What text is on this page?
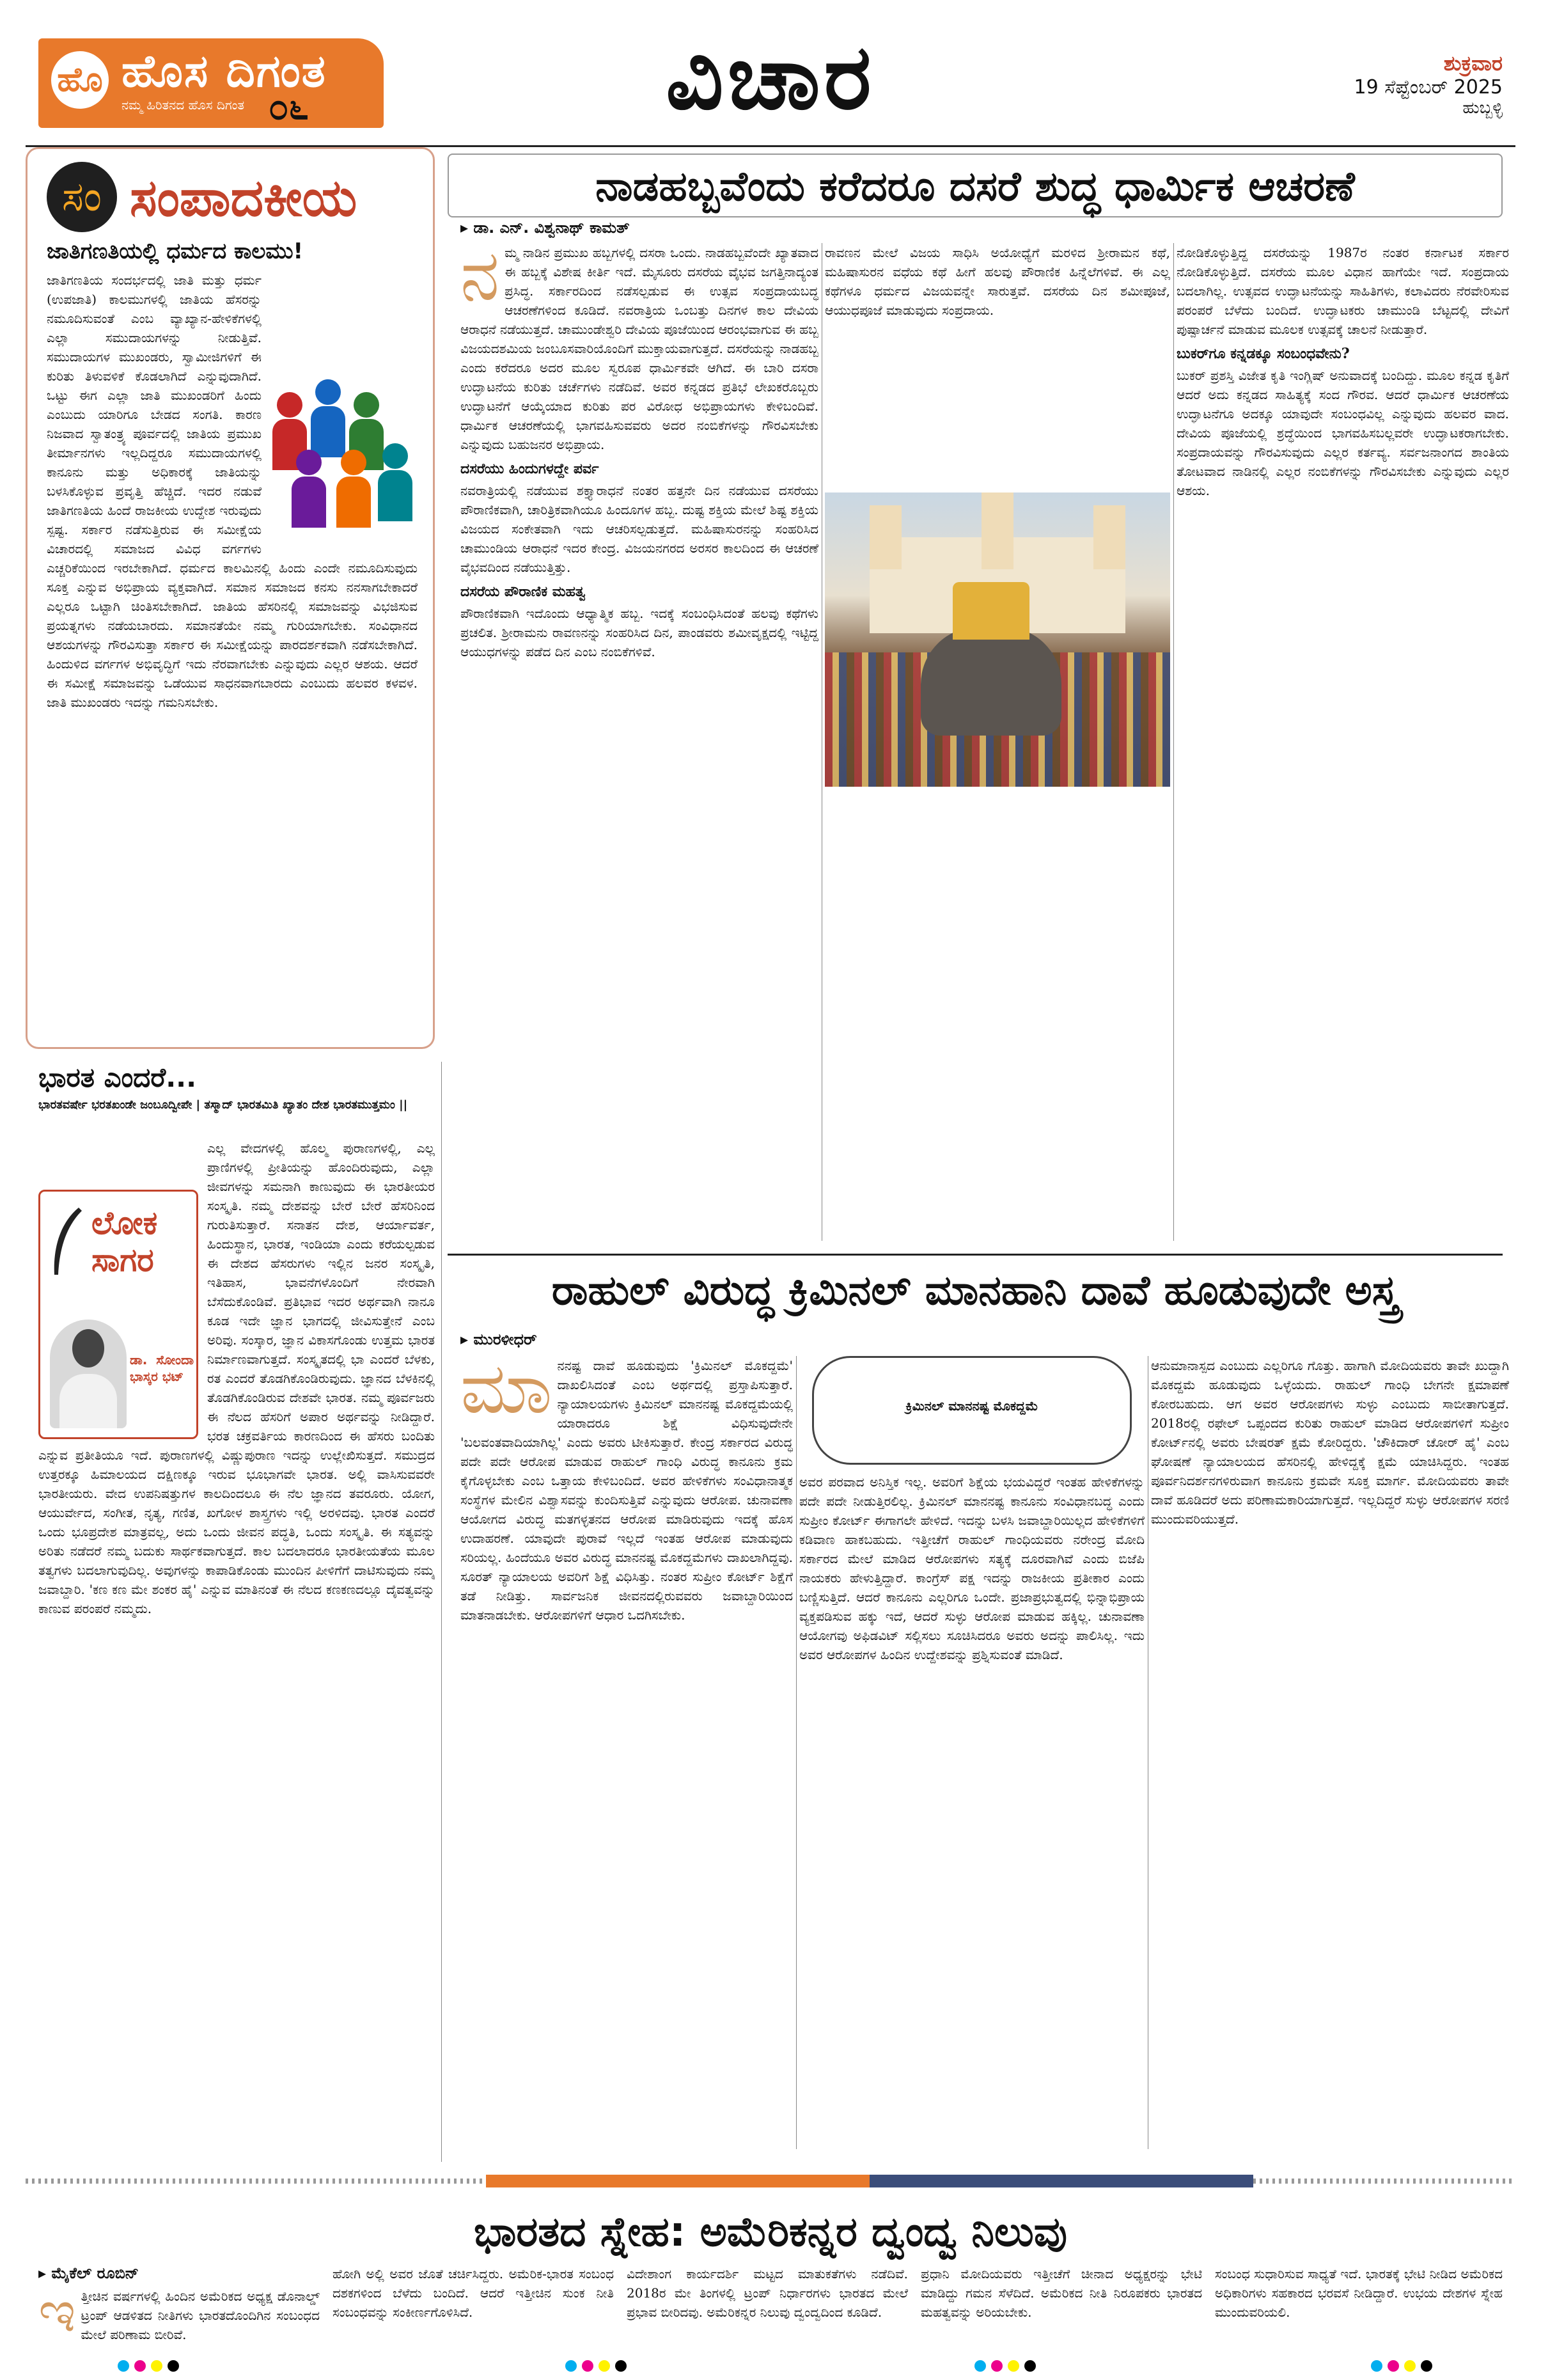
ಹೊ ಹೊಸ ದಿಗಂತ
ನಮ್ಮ ಹಿರಿತನದ ಹೊಸ ದಿಗಂತ ೦೬	ವಿಚಾರ	ಶುಕ್ರವಾರ
19 ಸೆಪ್ಟೆಂಬರ್ 2025
ಹುಬ್ಬಳ್ಳಿ
ಸಂ ಸಂಪಾದಕೀಯ
ಜಾತಿಗಣತಿಯಲ್ಲಿ ಧರ್ಮದ ಕಾಲಮು!
ಜಾತಿಗಣತಿಯ ಸಂದರ್ಭದಲ್ಲಿ ಜಾತಿ ಮತ್ತು ಧರ್ಮ (ಉಪಜಾತಿ) ಕಾಲಮುಗಳಲ್ಲಿ ಜಾತಿಯ ಹೆಸರನ್ನು ನಮೂದಿಸುವಂತೆ ಎಂಬ ವ್ಯಾಖ್ಯಾನ-ಹೇಳಿಕೆಗಳಲ್ಲಿ ಎಲ್ಲಾ ಸಮುದಾಯಗಳನ್ನು ನೀಡುತ್ತಿವೆ. ಸಮುದಾಯಗಳ ಮುಖಂಡರು, ಸ್ವಾಮೀಜಿಗಳಿಗೆ ಈ ಕುರಿತು ತಿಳುವಳಿಕೆ ಕೊಡಲಾಗಿದೆ ಎನ್ನುವುದಾಗಿದೆ. ಒಟ್ಟು ಈಗ ಎಲ್ಲಾ ಜಾತಿ ಮುಖಂಡರಿಗೆ ಹಿಂದು ಎಂಬುದು ಯಾರಿಗೂ ಬೇಡದ ಸಂಗತಿ. ಕಾರಣ ನಿಜವಾದ ಸ್ವಾತಂತ್ರ್ಯ ಪೂರ್ವದಲ್ಲಿ ಜಾತಿಯ ಪ್ರಮುಖ ತೀರ್ಮಾನಗಳು ಇಲ್ಲದಿದ್ದರೂ ಸಮುದಾಯಗಳಲ್ಲಿ ಕಾನೂನು ಮತ್ತು ಅಧಿಕಾರಕ್ಕೆ ಜಾತಿಯನ್ನು ಬಳಸಿಕೊಳ್ಳುವ ಪ್ರವೃತ್ತಿ ಹೆಚ್ಚಿದೆ. ಇದರ ನಡುವೆ ಜಾತಿಗಣತಿಯ ಹಿಂದೆ ರಾಜಕೀಯ ಉದ್ದೇಶ ಇರುವುದು ಸ್ಪಷ್ಟ. ಸರ್ಕಾರ ನಡೆಸುತ್ತಿರುವ ಈ ಸಮೀಕ್ಷೆಯ ವಿಚಾರದಲ್ಲಿ ಸಮಾಜದ ವಿವಿಧ ವರ್ಗಗಳು ಎಚ್ಚರಿಕೆಯಿಂದ ಇರಬೇಕಾಗಿದೆ. ಧರ್ಮದ ಕಾಲಮಿನಲ್ಲಿ ಹಿಂದು ಎಂದೇ ನಮೂದಿಸುವುದು ಸೂಕ್ತ ಎನ್ನುವ ಅಭಿಪ್ರಾಯ ವ್ಯಕ್ತವಾಗಿದೆ. ಸಮಾನ ಸಮಾಜದ ಕನಸು ನನಸಾಗಬೇಕಾದರೆ ಎಲ್ಲರೂ ಒಟ್ಟಾಗಿ ಚಿಂತಿಸಬೇಕಾಗಿದೆ. ಜಾತಿಯ ಹೆಸರಿನಲ್ಲಿ ಸಮಾಜವನ್ನು ವಿಭಜಿಸುವ ಪ್ರಯತ್ನಗಳು ನಡೆಯಬಾರದು. ಸಮಾನತೆಯೇ ನಮ್ಮ ಗುರಿಯಾಗಬೇಕು. ಸಂವಿಧಾನದ ಆಶಯಗಳನ್ನು ಗೌರವಿಸುತ್ತಾ ಸರ್ಕಾರ ಈ ಸಮೀಕ್ಷೆಯನ್ನು ಪಾರದರ್ಶಕವಾಗಿ ನಡೆಸಬೇಕಾಗಿದೆ. ಹಿಂದುಳಿದ ವರ್ಗಗಳ ಅಭಿವೃದ್ಧಿಗೆ ಇದು ನೆರವಾಗಬೇಕು ಎನ್ನುವುದು ಎಲ್ಲರ ಆಶಯ. ಆದರೆ ಈ ಸಮೀಕ್ಷೆ ಸಮಾಜವನ್ನು ಒಡೆಯುವ ಸಾಧನವಾಗಬಾರದು ಎಂಬುದು ಹಲವರ ಕಳವಳ. ಜಾತಿ ಮುಖಂಡರು ಇದನ್ನು ಗಮನಿಸಬೇಕು.
ಭಾರತ ಎಂದರೆ...
ಭಾರತವರ್ಷೇ ಭರತಖಂಡೇ ಜಂಬೂದ್ವೀಪೇ | ತಸ್ಮಾದ್ ಭಾರತಮಿತಿ ಖ್ಯಾತಂ ದೇಶ ಭಾರತಮುತ್ತಮಂ ||
ಲೋಕ
ಸಾಗರ
ಡಾ. ಸೋಂದಾ ಭಾಸ್ಕರ ಭಟ್
ಎಲ್ಲ ವೇದಗಳಲ್ಲಿ ಹೊಲ್ಮ ಪುರಾಣಗಳಲ್ಲಿ, ಎಲ್ಲ ಪ್ರಾಣಿಗಳಲ್ಲಿ ಪ್ರೀತಿಯನ್ನು ಹೊಂದಿರುವುದು, ಎಲ್ಲಾ ಜೀವಗಳನ್ನು ಸಮನಾಗಿ ಕಾಣುವುದು ಈ ಭಾರತೀಯರ ಸಂಸ್ಕೃತಿ. ನಮ್ಮ ದೇಶವನ್ನು ಬೇರೆ ಬೇರೆ ಹೆಸರಿನಿಂದ ಗುರುತಿಸುತ್ತಾರೆ. ಸನಾತನ ದೇಶ, ಆರ್ಯಾವರ್ತ, ಹಿಂದುಸ್ಥಾನ, ಭಾರತ, ಇಂಡಿಯಾ ಎಂದು ಕರೆಯಲ್ಪಡುವ ಈ ದೇಶದ ಹೆಸರುಗಳು ಇಲ್ಲಿನ ಜನರ ಸಂಸ್ಕೃತಿ, ಇತಿಹಾಸ, ಭಾವನೆಗಳೊಂದಿಗೆ ನೇರವಾಗಿ ಬೆಸೆದುಕೊಂಡಿವೆ. ಪ್ರತಿಭಾವ ಇದರ ಅರ್ಥವಾಗಿ ನಾನೂ ಕೂಡ ಇದೇ ಜ್ಞಾನ ಭಾಗದಲ್ಲಿ ಜೀವಿಸುತ್ತೇನೆ ಎಂಬ ಅರಿವು. ಸಂಸ್ಕಾರ, ಜ್ಞಾನ ವಿಕಾಸಗೊಂಡು ಉತ್ತಮ ಭಾರತ ನಿರ್ಮಾಣವಾಗುತ್ತದೆ. ಸಂಸ್ಕೃತದಲ್ಲಿ ಭಾ ಎಂದರೆ ಬೆಳಕು, ರತ ಎಂದರೆ ತೊಡಗಿಕೊಂಡಿರುವುದು. ಜ್ಞಾನದ ಬೆಳಕಿನಲ್ಲಿ ತೊಡಗಿಕೊಂಡಿರುವ ದೇಶವೇ ಭಾರತ. ನಮ್ಮ ಪೂರ್ವಜರು ಈ ನೆಲದ ಹೆಸರಿಗೆ ಅಪಾರ ಅರ್ಥವನ್ನು ನೀಡಿದ್ದಾರೆ. ಭರತ ಚಕ್ರವರ್ತಿಯ ಕಾರಣದಿಂದ ಈ ಹೆಸರು ಬಂದಿತು ಎನ್ನುವ ಪ್ರತೀತಿಯೂ ಇದೆ. ಪುರಾಣಗಳಲ್ಲಿ ವಿಷ್ಣುಪುರಾಣ ಇದನ್ನು ಉಲ್ಲೇಖಿಸುತ್ತದೆ. ಸಮುದ್ರದ ಉತ್ತರಕ್ಕೂ ಹಿಮಾಲಯದ ದಕ್ಷಿಣಕ್ಕೂ ಇರುವ ಭೂಭಾಗವೇ ಭಾರತ. ಅಲ್ಲಿ ವಾಸಿಸುವವರೇ ಭಾರತೀಯರು. ವೇದ ಉಪನಿಷತ್ತುಗಳ ಕಾಲದಿಂದಲೂ ಈ ನೆಲ ಜ್ಞಾನದ ತವರೂರು. ಯೋಗ, ಆಯುರ್ವೇದ, ಸಂಗೀತ, ನೃತ್ಯ, ಗಣಿತ, ಖಗೋಳ ಶಾಸ್ತ್ರಗಳು ಇಲ್ಲಿ ಅರಳಿದವು. ಭಾರತ ಎಂದರೆ ಒಂದು ಭೂಪ್ರದೇಶ ಮಾತ್ರವಲ್ಲ, ಅದು ಒಂದು ಜೀವನ ಪದ್ಧತಿ, ಒಂದು ಸಂಸ್ಕೃತಿ. ಈ ಸತ್ಯವನ್ನು ಅರಿತು ನಡೆದರೆ ನಮ್ಮ ಬದುಕು ಸಾರ್ಥಕವಾಗುತ್ತದೆ. ಕಾಲ ಬದಲಾದರೂ ಭಾರತೀಯತೆಯ ಮೂಲ ತತ್ವಗಳು ಬದಲಾಗುವುದಿಲ್ಲ. ಅವುಗಳನ್ನು ಕಾಪಾಡಿಕೊಂಡು ಮುಂದಿನ ಪೀಳಿಗೆಗೆ ದಾಟಿಸುವುದು ನಮ್ಮ ಜವಾಬ್ದಾರಿ. 'ಕಣ ಕಣ ಮೇ ಶಂಕರ ಹೈ' ಎನ್ನುವ ಮಾತಿನಂತೆ ಈ ನೆಲದ ಕಣಕಣದಲ್ಲೂ ದೈವತ್ವವನ್ನು ಕಾಣುವ ಪರಂಪರೆ ನಮ್ಮದು.
ನಾಡಹಬ್ಬವೆಂದು ಕರೆದರೂ ದಸರೆ ಶುದ್ಧ ಧಾರ್ಮಿಕ ಆಚರಣೆ
▸ ಡಾ. ಎನ್. ವಿಶ್ವನಾಥ್ ಕಾಮತ್
ನ ಮ್ಮ ನಾಡಿನ ಪ್ರಮುಖ ಹಬ್ಬಗಳಲ್ಲಿ ದಸರಾ ಒಂದು. ನಾಡಹಬ್ಬವೆಂದೇ ಖ್ಯಾತವಾದ ಈ ಹಬ್ಬಕ್ಕೆ ವಿಶೇಷ ಕೀರ್ತಿ ಇದೆ. ಮೈಸೂರು ದಸರೆಯ ವೈಭವ ಜಗತ್ತಿನಾದ್ಯಂತ ಪ್ರಸಿದ್ಧ. ಸರ್ಕಾರದಿಂದ ನಡೆಸಲ್ಪಡುವ ಈ ಉತ್ಸವ ಸಂಪ್ರದಾಯಬದ್ಧ ಆಚರಣೆಗಳಿಂದ ಕೂಡಿದೆ. ನವರಾತ್ರಿಯ ಒಂಬತ್ತು ದಿನಗಳ ಕಾಲ ದೇವಿಯ ಆರಾಧನೆ ನಡೆಯುತ್ತದೆ. ಚಾಮುಂಡೇಶ್ವರಿ ದೇವಿಯ ಪೂಜೆಯಿಂದ ಆರಂಭವಾಗುವ ಈ ಹಬ್ಬ ವಿಜಯದಶಮಿಯ ಜಂಬೂಸವಾರಿಯೊಂದಿಗೆ ಮುಕ್ತಾಯವಾಗುತ್ತದೆ. ದಸರೆಯನ್ನು ನಾಡಹಬ್ಬ ಎಂದು ಕರೆದರೂ ಅದರ ಮೂಲ ಸ್ವರೂಪ ಧಾರ್ಮಿಕವೇ ಆಗಿದೆ. ಈ ಬಾರಿ ದಸರಾ ಉದ್ಘಾಟನೆಯ ಕುರಿತು ಚರ್ಚೆಗಳು ನಡೆದಿವೆ. ಅವರ ಕನ್ನಡದ ಪ್ರತಿಭೆ ಲೇಖಕರೊಬ್ಬರು ಉದ್ಘಾಟನೆಗೆ ಆಯ್ಕೆಯಾದ ಕುರಿತು ಪರ ವಿರೋಧ ಅಭಿಪ್ರಾಯಗಳು ಕೇಳಿಬಂದಿವೆ. ಧಾರ್ಮಿಕ ಆಚರಣೆಯಲ್ಲಿ ಭಾಗವಹಿಸುವವರು ಅದರ ನಂಬಿಕೆಗಳನ್ನು ಗೌರವಿಸಬೇಕು ಎನ್ನುವುದು ಬಹುಜನರ ಅಭಿಪ್ರಾಯ.
ದಸರೆಯು ಹಿಂದುಗಳದ್ದೇ ಪರ್ವ
ನವರಾತ್ರಿಯಲ್ಲಿ ನಡೆಯುವ ಶಕ್ತ್ಯಾರಾಧನೆ ನಂತರ ಹತ್ತನೇ ದಿನ ನಡೆಯುವ ದಸರೆಯು ಪೌರಾಣಿಕವಾಗಿ, ಚಾರಿತ್ರಿಕವಾಗಿಯೂ ಹಿಂದೂಗಳ ಹಬ್ಬ. ದುಷ್ಟ ಶಕ್ತಿಯ ಮೇಲೆ ಶಿಷ್ಟ ಶಕ್ತಿಯ ವಿಜಯದ ಸಂಕೇತವಾಗಿ ಇದು ಆಚರಿಸಲ್ಪಡುತ್ತದೆ. ಮಹಿಷಾಸುರನನ್ನು ಸಂಹರಿಸಿದ ಚಾಮುಂಡಿಯ ಆರಾಧನೆ ಇದರ ಕೇಂದ್ರ. ವಿಜಯನಗರದ ಅರಸರ ಕಾಲದಿಂದ ಈ ಆಚರಣೆ ವೈಭವದಿಂದ ನಡೆಯುತ್ತಿತ್ತು.
ದಸರೆಯ ಪೌರಾಣಿಕ ಮಹತ್ವ
ಪೌರಾಣಿಕವಾಗಿ ಇದೊಂದು ಆಧ್ಯಾತ್ಮಿಕ ಹಬ್ಬ. ಇದಕ್ಕೆ ಸಂಬಂಧಿಸಿದಂತೆ ಹಲವು ಕಥೆಗಳು ಪ್ರಚಲಿತ. ಶ್ರೀರಾಮನು ರಾವಣನನ್ನು ಸಂಹರಿಸಿದ ದಿನ, ಪಾಂಡವರು ಶಮೀವೃಕ್ಷದಲ್ಲಿ ಇಟ್ಟಿದ್ದ ಆಯುಧಗಳನ್ನು ಪಡೆದ ದಿನ ಎಂಬ ನಂಬಿಕೆಗಳಿವೆ.
ರಾವಣನ ಮೇಲೆ ವಿಜಯ ಸಾಧಿಸಿ ಅಯೋಧ್ಯೆಗೆ ಮರಳಿದ ಶ್ರೀರಾಮನ ಕಥೆ, ಮಹಿಷಾಸುರನ ವಧೆಯ ಕಥೆ ಹೀಗೆ ಹಲವು ಪೌರಾಣಿಕ ಹಿನ್ನೆಲೆಗಳಿವೆ. ಈ ಎಲ್ಲ ಕಥೆಗಳೂ ಧರ್ಮದ ವಿಜಯವನ್ನೇ ಸಾರುತ್ತವೆ. ದಸರೆಯ ದಿನ ಶಮೀಪೂಜೆ, ಆಯುಧಪೂಜೆ ಮಾಡುವುದು ಸಂಪ್ರದಾಯ.
ನೋಡಿಕೊಳ್ಳುತ್ತಿದ್ದ ದಸರೆಯನ್ನು 1987ರ ನಂತರ ಕರ್ನಾಟಕ ಸರ್ಕಾರ ನೋಡಿಕೊಳ್ಳುತ್ತಿದೆ. ದಸರೆಯ ಮೂಲ ವಿಧಾನ ಹಾಗೆಯೇ ಇದೆ. ಸಂಪ್ರದಾಯ ಬದಲಾಗಿಲ್ಲ. ಉತ್ಸವದ ಉದ್ಘಾಟನೆಯನ್ನು ಸಾಹಿತಿಗಳು, ಕಲಾವಿದರು ನೆರವೇರಿಸುವ ಪರಂಪರೆ ಬೆಳೆದು ಬಂದಿದೆ. ಉದ್ಘಾಟಕರು ಚಾಮುಂಡಿ ಬೆಟ್ಟದಲ್ಲಿ ದೇವಿಗೆ ಪುಷ್ಪಾರ್ಚನೆ ಮಾಡುವ ಮೂಲಕ ಉತ್ಸವಕ್ಕೆ ಚಾಲನೆ ನೀಡುತ್ತಾರೆ.
ಬುಕರ್‌ಗೂ ಕನ್ನಡಕ್ಕೂ ಸಂಬಂಧವೇನು?
ಬುಕರ್ ಪ್ರಶಸ್ತಿ ವಿಜೇತ ಕೃತಿ ಇಂಗ್ಲಿಷ್ ಅನುವಾದಕ್ಕೆ ಬಂದಿದ್ದು. ಮೂಲ ಕನ್ನಡ ಕೃತಿಗೆ ಆದರೆ ಅದು ಕನ್ನಡದ ಸಾಹಿತ್ಯಕ್ಕೆ ಸಂದ ಗೌರವ. ಆದರೆ ಧಾರ್ಮಿಕ ಆಚರಣೆಯ ಉದ್ಘಾಟನೆಗೂ ಅದಕ್ಕೂ ಯಾವುದೇ ಸಂಬಂಧವಿಲ್ಲ ಎನ್ನುವುದು ಹಲವರ ವಾದ. ದೇವಿಯ ಪೂಜೆಯಲ್ಲಿ ಶ್ರದ್ಧೆಯಿಂದ ಭಾಗವಹಿಸಬಲ್ಲವರೇ ಉದ್ಘಾಟಕರಾಗಬೇಕು. ಸಂಪ್ರದಾಯವನ್ನು ಗೌರವಿಸುವುದು ಎಲ್ಲರ ಕರ್ತವ್ಯ. ಸರ್ವಜನಾಂಗದ ಶಾಂತಿಯ ತೋಟವಾದ ನಾಡಿನಲ್ಲಿ ಎಲ್ಲರ ನಂಬಿಕೆಗಳನ್ನು ಗೌರವಿಸಬೇಕು ಎನ್ನುವುದು ಎಲ್ಲರ ಆಶಯ.
ರಾಹುಲ್ ವಿರುದ್ಧ ಕ್ರಿಮಿನಲ್ ಮಾನಹಾನಿ ದಾವೆ ಹೂಡುವುದೇ ಅಸ್ತ್ರ
▸ ಮುರಳೀಧರ್
ಮಾ ನನಷ್ಟ ದಾವೆ ಹೂಡುವುದು 'ಕ್ರಿಮಿನಲ್ ಮೊಕದ್ದಮೆ' ದಾಖಲಿಸಿದಂತೆ ಎಂಬ ಅರ್ಥದಲ್ಲಿ ಪ್ರಸ್ತಾಪಿಸುತ್ತಾರೆ. ನ್ಯಾಯಾಲಯಗಳು ಕ್ರಿಮಿನಲ್ ಮಾನನಷ್ಟ ಮೊಕದ್ದಮೆಯಲ್ಲಿ ಯಾರಾದರೂ ಶಿಕ್ಷೆ ವಿಧಿಸುವುದೇನೇ 'ಬಲವಂತವಾದಿಯಾಗಿಲ್ಲ' ಎಂದು ಅವರು ಟೀಕಿಸುತ್ತಾರೆ. ಕೇಂದ್ರ ಸರ್ಕಾರದ ವಿರುದ್ಧ ಪದೇ ಪದೇ ಆರೋಪ ಮಾಡುವ ರಾಹುಲ್ ಗಾಂಧಿ ವಿರುದ್ಧ ಕಾನೂನು ಕ್ರಮ ಕೈಗೊಳ್ಳಬೇಕು ಎಂಬ ಒತ್ತಾಯ ಕೇಳಿಬಂದಿದೆ. ಅವರ ಹೇಳಿಕೆಗಳು ಸಂವಿಧಾನಾತ್ಮಕ ಸಂಸ್ಥೆಗಳ ಮೇಲಿನ ವಿಶ್ವಾಸವನ್ನು ಕುಂದಿಸುತ್ತಿವೆ ಎನ್ನುವುದು ಆರೋಪ. ಚುನಾವಣಾ ಆಯೋಗದ ವಿರುದ್ಧ ಮತಗಳ್ಳತನದ ಆರೋಪ ಮಾಡಿರುವುದು ಇದಕ್ಕೆ ಹೊಸ ಉದಾಹರಣೆ. ಯಾವುದೇ ಪುರಾವೆ ಇಲ್ಲದೆ ಇಂತಹ ಆರೋಪ ಮಾಡುವುದು ಸರಿಯಲ್ಲ. ಹಿಂದೆಯೂ ಅವರ ವಿರುದ್ಧ ಮಾನನಷ್ಟ ಮೊಕದ್ದಮೆಗಳು ದಾಖಲಾಗಿದ್ದವು. ಸೂರತ್ ನ್ಯಾಯಾಲಯ ಅವರಿಗೆ ಶಿಕ್ಷೆ ವಿಧಿಸಿತ್ತು. ನಂತರ ಸುಪ್ರೀಂ ಕೋರ್ಟ್ ಶಿಕ್ಷೆಗೆ ತಡೆ ನೀಡಿತ್ತು. ಸಾರ್ವಜನಿಕ ಜೀವನದಲ್ಲಿರುವವರು ಜವಾಬ್ದಾರಿಯಿಂದ ಮಾತನಾಡಬೇಕು. ಆರೋಪಗಳಿಗೆ ಆಧಾರ ಒದಗಿಸಬೇಕು.
ಕ್ರಿಮಿನಲ್ ಮಾನನಷ್ಟ ಮೊಕದ್ದಮೆ
ಅವರ ಪರವಾದ ಅನಿಸ್ತಿಕ ಇಲ್ಲ. ಅವರಿಗೆ ಶಿಕ್ಷೆಯ ಭಯವಿದ್ದರೆ ಇಂತಹ ಹೇಳಿಕೆಗಳನ್ನು ಪದೇ ಪದೇ ನೀಡುತ್ತಿರಲಿಲ್ಲ. ಕ್ರಿಮಿನಲ್ ಮಾನನಷ್ಟ ಕಾನೂನು ಸಂವಿಧಾನಬದ್ಧ ಎಂದು ಸುಪ್ರೀಂ ಕೋರ್ಟ್ ಈಗಾಗಲೇ ಹೇಳಿದೆ. ಇದನ್ನು ಬಳಸಿ ಜವಾಬ್ದಾರಿಯಿಲ್ಲದ ಹೇಳಿಕೆಗಳಿಗೆ ಕಡಿವಾಣ ಹಾಕಬಹುದು. ಇತ್ತೀಚೆಗೆ ರಾಹುಲ್ ಗಾಂಧಿಯವರು ನರೇಂದ್ರ ಮೋದಿ ಸರ್ಕಾರದ ಮೇಲೆ ಮಾಡಿದ ಆರೋಪಗಳು ಸತ್ಯಕ್ಕೆ ದೂರವಾಗಿವೆ ಎಂದು ಬಿಜೆಪಿ ನಾಯಕರು ಹೇಳುತ್ತಿದ್ದಾರೆ. ಕಾಂಗ್ರೆಸ್ ಪಕ್ಷ ಇದನ್ನು ರಾಜಕೀಯ ಪ್ರತೀಕಾರ ಎಂದು ಬಣ್ಣಿಸುತ್ತಿದೆ. ಆದರೆ ಕಾನೂನು ಎಲ್ಲರಿಗೂ ಒಂದೇ. ಪ್ರಜಾಪ್ರಭುತ್ವದಲ್ಲಿ ಭಿನ್ನಾಭಿಪ್ರಾಯ ವ್ಯಕ್ತಪಡಿಸುವ ಹಕ್ಕು ಇದೆ, ಆದರೆ ಸುಳ್ಳು ಆರೋಪ ಮಾಡುವ ಹಕ್ಕಿಲ್ಲ. ಚುನಾವಣಾ ಆಯೋಗವು ಅಫಿಡವಿಟ್ ಸಲ್ಲಿಸಲು ಸೂಚಿಸಿದರೂ ಅವರು ಅದನ್ನು ಪಾಲಿಸಿಲ್ಲ. ಇದು ಅವರ ಆರೋಪಗಳ ಹಿಂದಿನ ಉದ್ದೇಶವನ್ನು ಪ್ರಶ್ನಿಸುವಂತೆ ಮಾಡಿದೆ.
ಆನುಮಾನಾಸ್ಪದ ಎಂಬುದು ಎಲ್ಲರಿಗೂ ಗೊತ್ತು. ಹಾಗಾಗಿ ಮೋದಿಯವರು ತಾವೇ ಖುದ್ದಾಗಿ ಮೊಕದ್ದಮೆ ಹೂಡುವುದು ಒಳ್ಳೆಯದು. ರಾಹುಲ್ ಗಾಂಧಿ ಬೇಗನೇ ಕ್ಷಮಾಪಣೆ ಕೋರಬಹುದು. ಆಗ ಅವರ ಆರೋಪಗಳು ಸುಳ್ಳು ಎಂಬುದು ಸಾಬೀತಾಗುತ್ತದೆ. 2018ರಲ್ಲಿ ರಫೇಲ್ ಒಪ್ಪಂದದ ಕುರಿತು ರಾಹುಲ್ ಮಾಡಿದ ಆರೋಪಗಳಿಗೆ ಸುಪ್ರೀಂ ಕೋರ್ಟ್‌ನಲ್ಲಿ ಅವರು ಬೇಷರತ್ ಕ್ಷಮೆ ಕೋರಿದ್ದರು. 'ಚೌಕಿದಾರ್ ಚೋರ್ ಹೈ' ಎಂಬ ಘೋಷಣೆ ನ್ಯಾಯಾಲಯದ ಹೆಸರಿನಲ್ಲಿ ಹೇಳಿದ್ದಕ್ಕೆ ಕ್ಷಮೆ ಯಾಚಿಸಿದ್ದರು. ಇಂತಹ ಪೂರ್ವನಿದರ್ಶನಗಳಿರುವಾಗ ಕಾನೂನು ಕ್ರಮವೇ ಸೂಕ್ತ ಮಾರ್ಗ. ಮೋದಿಯವರು ತಾವೇ ದಾವೆ ಹೂಡಿದರೆ ಅದು ಪರಿಣಾಮಕಾರಿಯಾಗುತ್ತದೆ. ಇಲ್ಲದಿದ್ದರೆ ಸುಳ್ಳು ಆರೋಪಗಳ ಸರಣಿ ಮುಂದುವರಿಯುತ್ತದೆ.
ಭಾರತದ ಸ್ನೇಹ: ಅಮೆರಿಕನ್ನರ ದ್ವಂದ್ವ ನಿಲುವು
▸ ಮೈಕೆಲ್ ರೂಬಿನ್
ಇ ತ್ತೀಚಿನ ವರ್ಷಗಳಲ್ಲಿ ಹಿಂದಿನ ಅಮೆರಿಕದ ಅಧ್ಯಕ್ಷ ಡೊನಾಲ್ಡ್ ಟ್ರಂಪ್ ಆಡಳಿತದ ನೀತಿಗಳು ಭಾರತದೊಂದಿಗಿನ ಸಂಬಂಧದ ಮೇಲೆ ಪರಿಣಾಮ ಬೀರಿವೆ.
ಹೋಗಿ ಅಲ್ಲಿ ಅವರ ಜೊತೆ ಚರ್ಚಿಸಿದ್ದರು. ಅಮೆರಿಕ-ಭಾರತ ಸಂಬಂಧ ದಶಕಗಳಿಂದ ಬೆಳೆದು ಬಂದಿದೆ. ಆದರೆ ಇತ್ತೀಚಿನ ಸುಂಕ ನೀತಿ ಸಂಬಂಧವನ್ನು ಸಂಕೀರ್ಣಗೊಳಿಸಿದೆ.
ವಿದೇಶಾಂಗ ಕಾರ್ಯದರ್ಶಿ ಮಟ್ಟದ ಮಾತುಕತೆಗಳು ನಡೆದಿವೆ. 2018ರ ಮೇ ತಿಂಗಳಲ್ಲಿ ಟ್ರಂಪ್ ನಿರ್ಧಾರಗಳು ಭಾರತದ ಮೇಲೆ ಪ್ರಭಾವ ಬೀರಿದವು. ಅಮೆರಿಕನ್ನರ ನಿಲುವು ದ್ವಂದ್ವದಿಂದ ಕೂಡಿದೆ.
ಪ್ರಧಾನಿ ಮೋದಿಯವರು ಇತ್ತೀಚೆಗೆ ಚೀನಾದ ಅಧ್ಯಕ್ಷರನ್ನು ಭೇಟಿ ಮಾಡಿದ್ದು ಗಮನ ಸೆಳೆದಿದೆ. ಅಮೆರಿಕದ ನೀತಿ ನಿರೂಪಕರು ಭಾರತದ ಮಹತ್ವವನ್ನು ಅರಿಯಬೇಕು.
ಸಂಬಂಧ ಸುಧಾರಿಸುವ ಸಾಧ್ಯತೆ ಇದೆ. ಭಾರತಕ್ಕೆ ಭೇಟಿ ನೀಡಿದ ಅಮೆರಿಕದ ಅಧಿಕಾರಿಗಳು ಸಹಕಾರದ ಭರವಸೆ ನೀಡಿದ್ದಾರೆ. ಉಭಯ ದೇಶಗಳ ಸ್ನೇಹ ಮುಂದುವರಿಯಲಿ.
